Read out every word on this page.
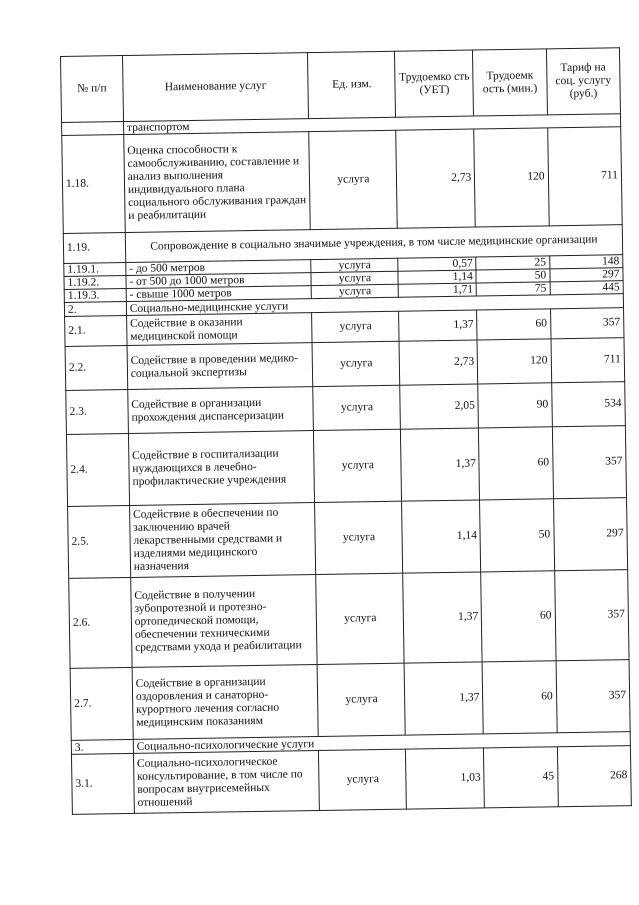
№ п/п	Наименование услуг	Ед. изм.	Трудоемко сть (УЕТ)	Трудоемк ость (мин.)	Тариф на соц. услугу (руб.)
	транспортом				
1.18.	Оценка способности к самообслуживанию, составление и анализ выполнения индивидуального плана социального обслуживания граждан и реабилитации	услуга	2,73	120	711
1.19.	Сопровождение в социально значимые учреждения, в том числе медицинские организации				
1.19.1.	- до 500 метров	услуга	0,57	25	148
1.19.2.	- от 500 до 1000 метров	услуга	1,14	50	297
1.19.3.	- свыше 1000 метров	услуга	1,71	75	445
2.	Социально-медицинские услуги				
2.1.	Содействие в оказании медицинской помощи	услуга	1,37	60	357
2.2.	Содействие в проведении медико-социальной экспертизы	услуга	2,73	120	711
2.3.	Содействие в организации прохождения диспансеризации	услуга	2,05	90	534
2.4.	Содействие в госпитализации нуждающихся в лечебно-профилактические учреждения	услуга	1,37	60	357
2.5.	Содействие в обеспечении по заключению врачей лекарственными средствами и изделиями медицинского назначения	услуга	1,14	50	297
2.6.	Содействие в получении зубопротезной и протезно-ортопедической помощи, обеспечении техническими средствами ухода и реабилитации	услуга	1,37	60	357
2.7.	Содействие в организации оздоровления и санаторно-курортного лечения согласно медицинским показаниям	услуга	1,37	60	357
3.	Социально-психологические услуги				
3.1.	Социально-психологическое консультирование, в том числе по вопросам внутрисемейных отношений	услуга	1,03	45	268
